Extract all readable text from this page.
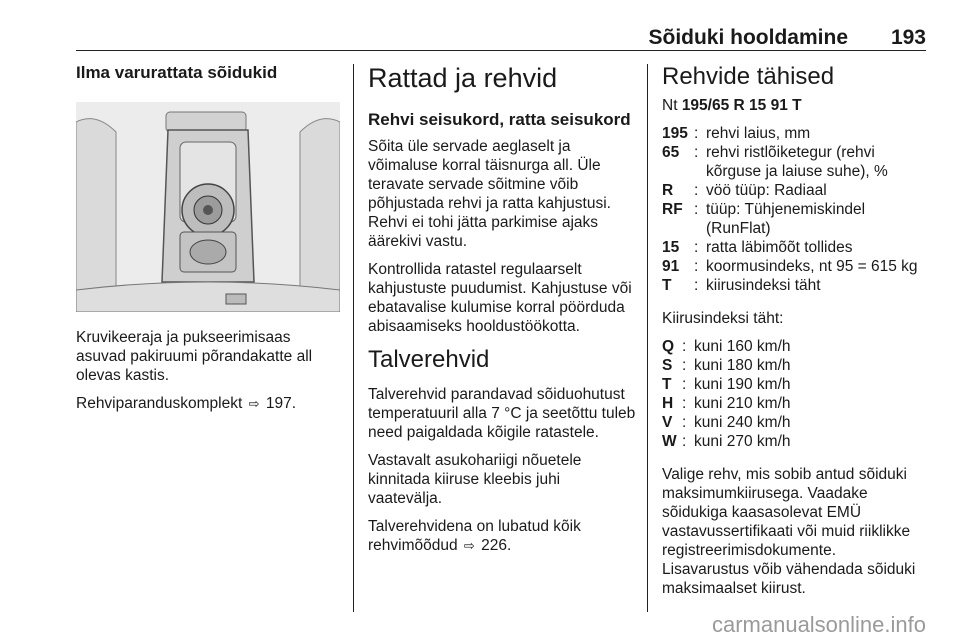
Sõiduki hooldamine	193
Ilma varurattata sõidukid

Kruvikeeraja ja pukseerimisaas asuvad pakiruumi põrandakatte all olevas kastis.

Rehviparanduskomplekt ⇨ 197.

Rattad ja rehvid
Rehvi seisukord, ratta seisukord

Sõita üle servade aeglaselt ja võimaluse korral täisnurga all. Üle teravate servade sõitmine võib põhjustada rehvi ja ratta kahjustusi. Rehvi ei tohi jätta parkimise ajaks äärekivi vastu.

Kontrollida ratastel regulaarselt kahjustuste puudumist. Kahjustuse või ebatavalise kulumise korral pöörduda abisaamiseks hooldustöökotta.

Talverehvid

Talverehvid parandavad sõiduohutust temperatuuril alla 7 °C ja seetõttu tuleb need paigaldada kõigile ratastele.

Vastavalt asukohariigi nõuetele kinnitada kiiruse kleebis juhi vaatevälja.

Talverehvidena on lubatud kõik rehvimõõdud ⇨ 226.

Rehvide tähised

Nt 195/65 R 15 91 T

195 : rehvi laius, mm
65 : rehvi ristlõiketegur (rehvi kõrguse ja laiuse suhe), %
R	: vöö tüüp: Radiaal
RF : tüüp: Tühjenemiskindel (RunFlat)
15 : ratta läbimõõt tollides
91 : koormusindeks, nt 95 = 615 kg
T	: kiirusindeksi täht

Kiirusindeksi täht:

Q : kuni 160 km/h
S : kuni 180 km/h
T : kuni 190 km/h
H : kuni 210 km/h
V : kuni 240 km/h
W : kuni 270 km/h

Valige rehv, mis sobib antud sõiduki maksimumkiirusega. Vaadake sõidukiga kaasasolevat EMÜ vastavussertifikaati või muid riiklikke registreerimisdokumente.

Lisavarustus võib vähendada sõiduki maksimaalset kiirust.

carmanualsonline.info
